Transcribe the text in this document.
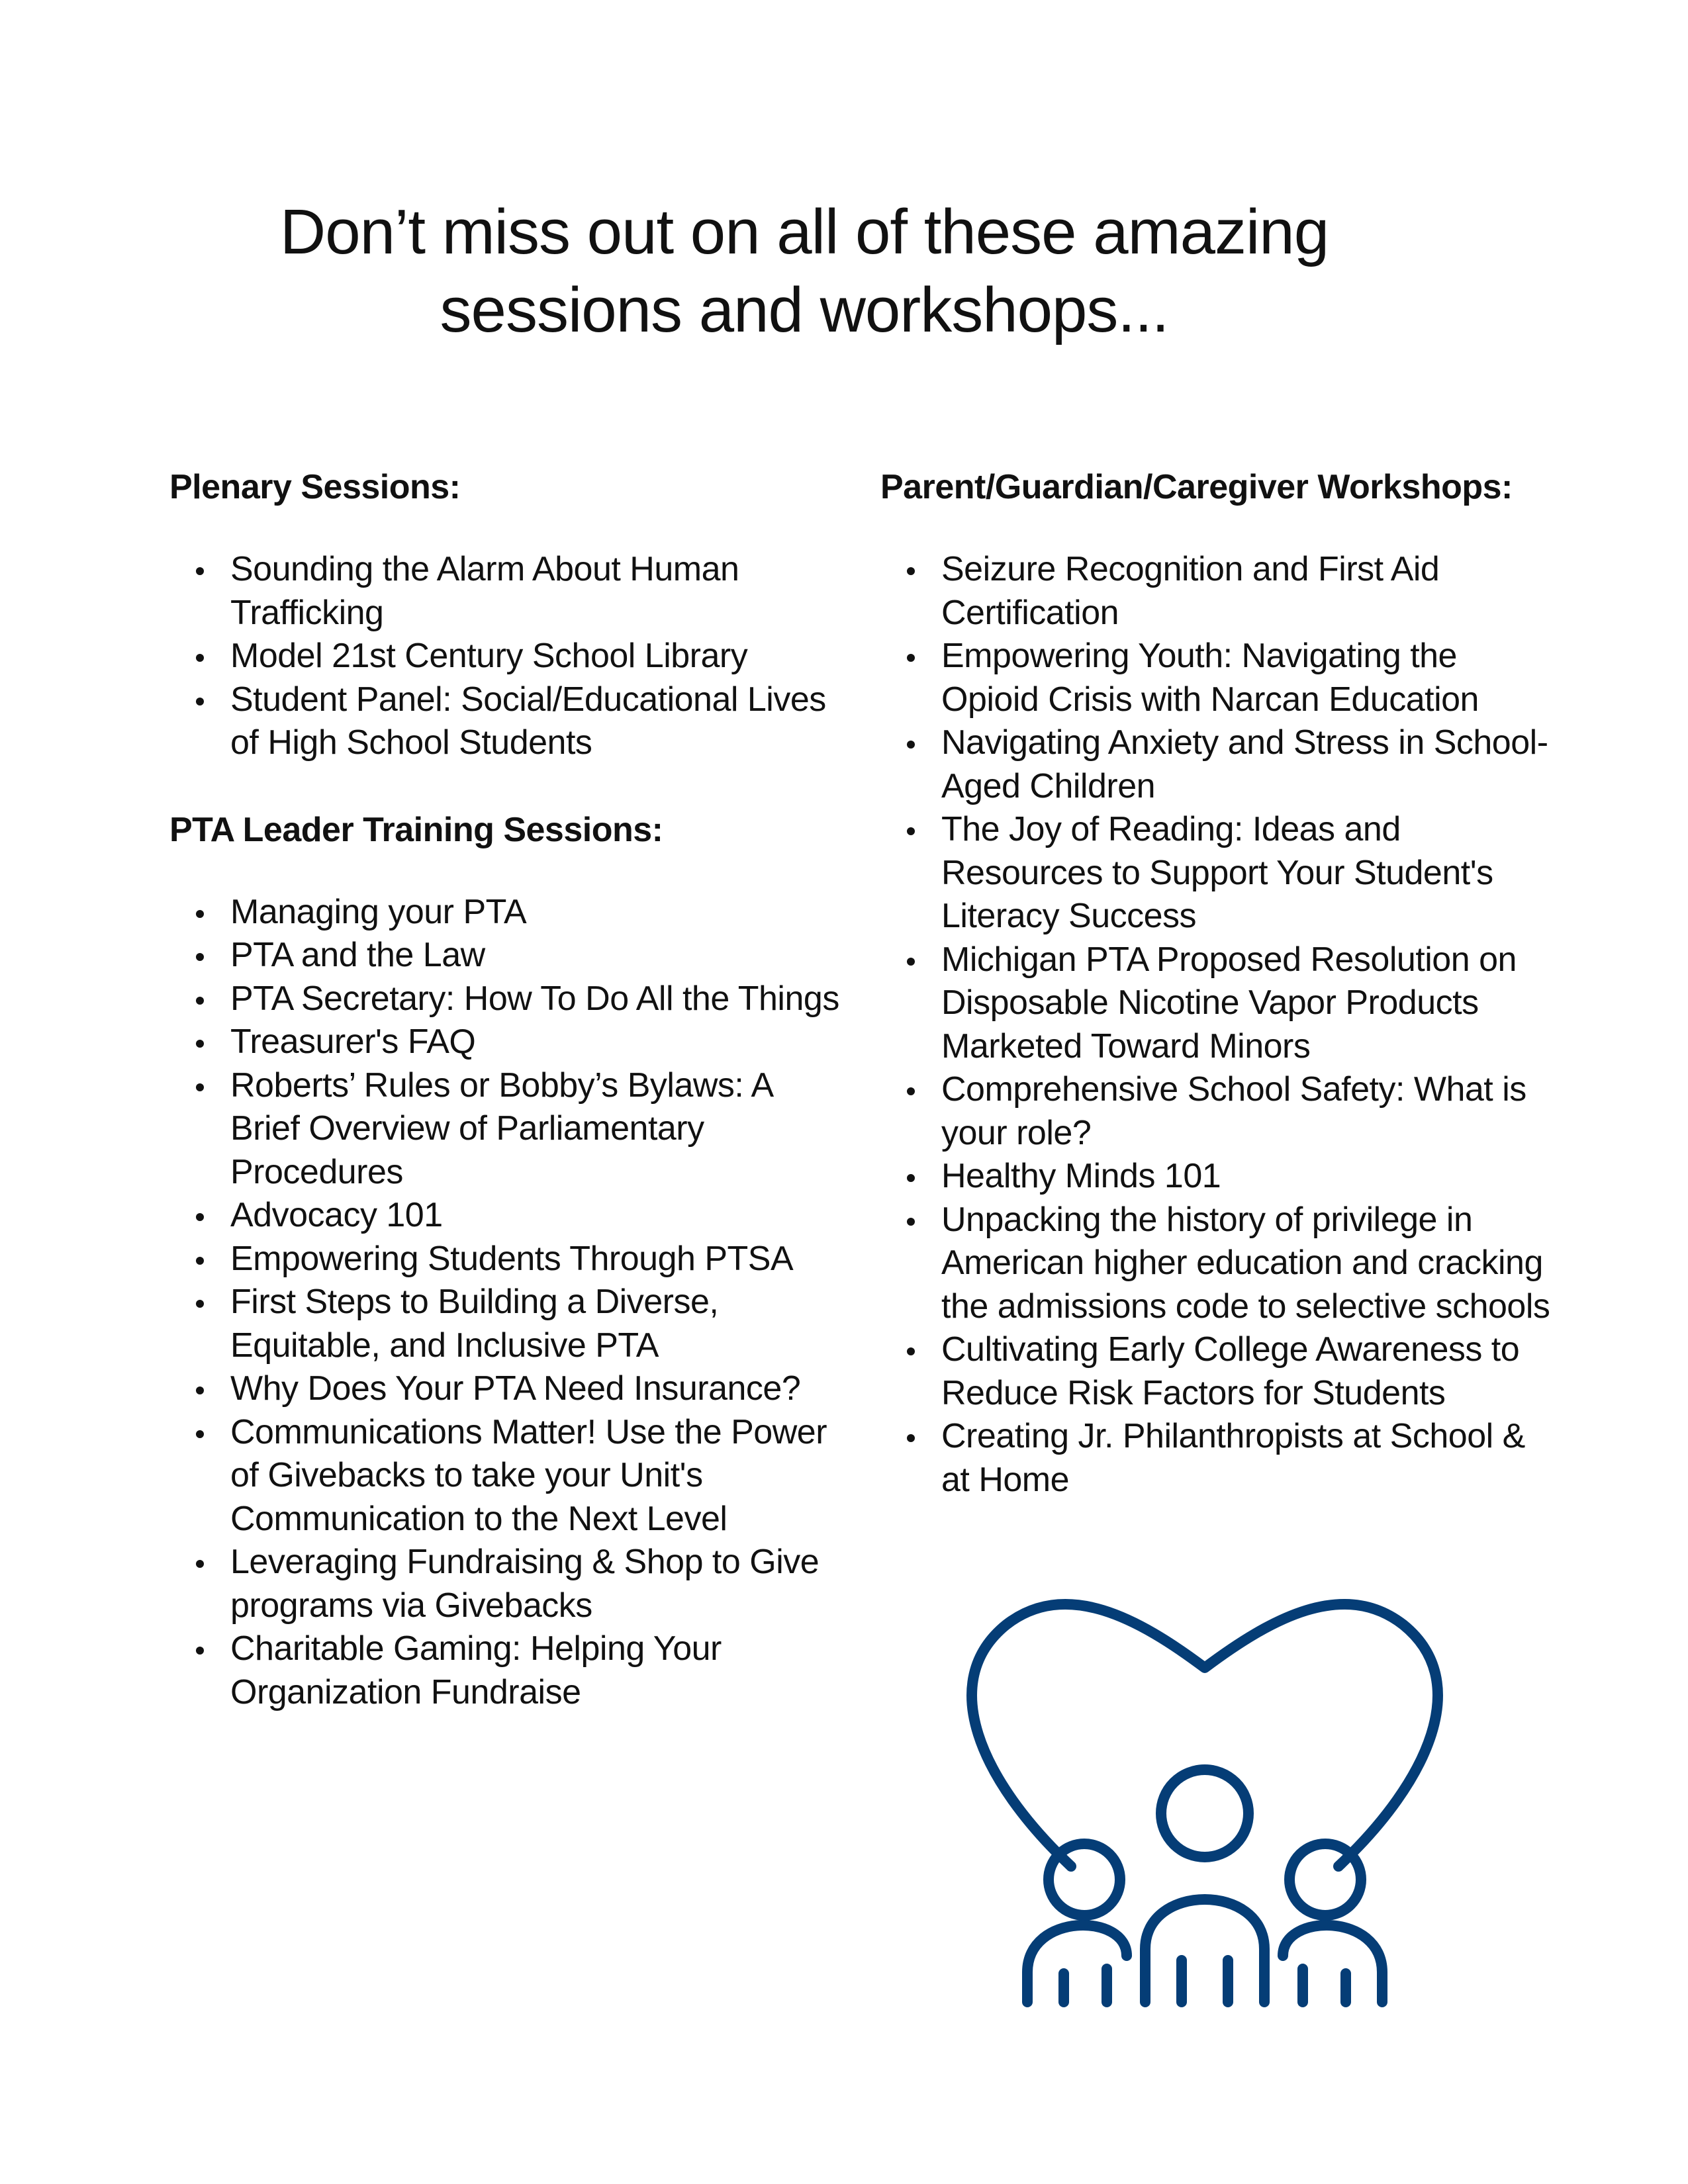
Don’t miss out on all of these amazing
sessions and workshops...
Plenary Sessions:
Sounding the Alarm About Human Trafficking
Model 21st Century School Library
Student Panel: Social/Educational Lives of High School Students
PTA Leader Training Sessions:
Managing your PTA
PTA and the Law
PTA Secretary: How To Do All the Things
Treasurer's FAQ
Roberts’ Rules or Bobby’s Bylaws: A Brief Overview of Parliamentary Procedures
Advocacy 101
Empowering Students Through PTSA
First Steps to Building a Diverse, Equitable, and Inclusive PTA
Why Does Your PTA Need Insurance?
Communications Matter! Use the Power of Givebacks to take your Unit's Communication to the Next Level
Leveraging Fundraising & Shop to Give programs via Givebacks
Charitable Gaming: Helping Your Organization Fundraise
Parent/Guardian/Caregiver Workshops:
Seizure Recognition and First Aid Certification
Empowering Youth: Navigating the Opioid Crisis with Narcan Education
Navigating Anxiety and Stress in School-Aged Children
The Joy of Reading: Ideas and Resources to Support Your Student's Literacy Success
Michigan PTA Proposed Resolution on Disposable Nicotine Vapor Products Marketed Toward Minors
Comprehensive School Safety: What is your role?
Healthy Minds 101
Unpacking the history of privilege in American higher education and cracking the admissions code to selective schools
Cultivating Early College Awareness to Reduce Risk Factors for Students
Creating Jr. Philanthropists at School & at Home
